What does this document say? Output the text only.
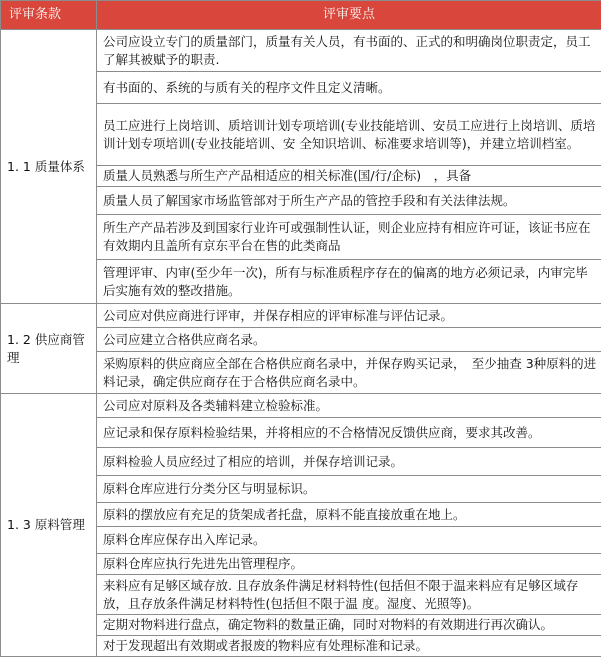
评审条款	评审要点
1. 1 质量体系	公司应设立专门的质量部门，质量有关人员，有书面的、正式的和明确岗位职责定，员工了解其被赋予的职责.
	有书面的、系统的与质有关的程序文件且定义清晰。
	员工应进行上岗培训、质培训计划专项培训(专业技能培训、安员工应进行上岗培训、质培训计划专项培训(专业技能培训、安 全知识培训、标准要求培训等)，并建立培训档室。
	质量人员熟悉与所生产产品相适应的相关标准(国/行/企标)　，具备
	质量人员了解国家市场监管部对于所生产产品的管控手段和有关法律法规。
	所生产产品若涉及到国家行业许可或强制性认证，则企业应持有相应许可证，该证书应在有效期内且盖所有京东平台在售的此类商品
	管理评审、内审(至少年一次)，所有与标准质程序存在的偏离的地方必须记录，内审完毕后实施有效的整改措施。
1. 2 供应商管理	公司应对供应商进行评审，并保存相应的评审标准与评估记录。
	公司应建立合格供应商名录。
	采购原料的供应商应全部在合格供应商名录中，并保存购买记录，　至少抽查 3种原料的进料记录，确定供应商存在于合格供应商名录中。
1. 3 原料管理	公司应对原料及各类辅料建立检验标准。
	应记录和保存原料检验结果，并将相应的不合格情况反馈供应商，要求其改善。
	原料检验人员应经过了相应的培训，并保存培训记录。
	原料仓库应进行分类分区与明显标识。
	原料的摆放应有充足的货架成者托盘，原料不能直接放重在地上。
	原料仓库应保存出入库记录。
	原料仓库应执行先进先出管理程序。
	来料应有足够区域存放. 且存放条件满足材料特性(包括但不限于温来料应有足够区域存放，且存放条件满足材料特性(包括但不限于温 度。湿度、光照等)。
	定期对物料进行盘点，确定物料的数量正确，同时对物料的有效期进行再次确认。
	对于发现超出有效期或者报废的物料应有处理标准和记录。
